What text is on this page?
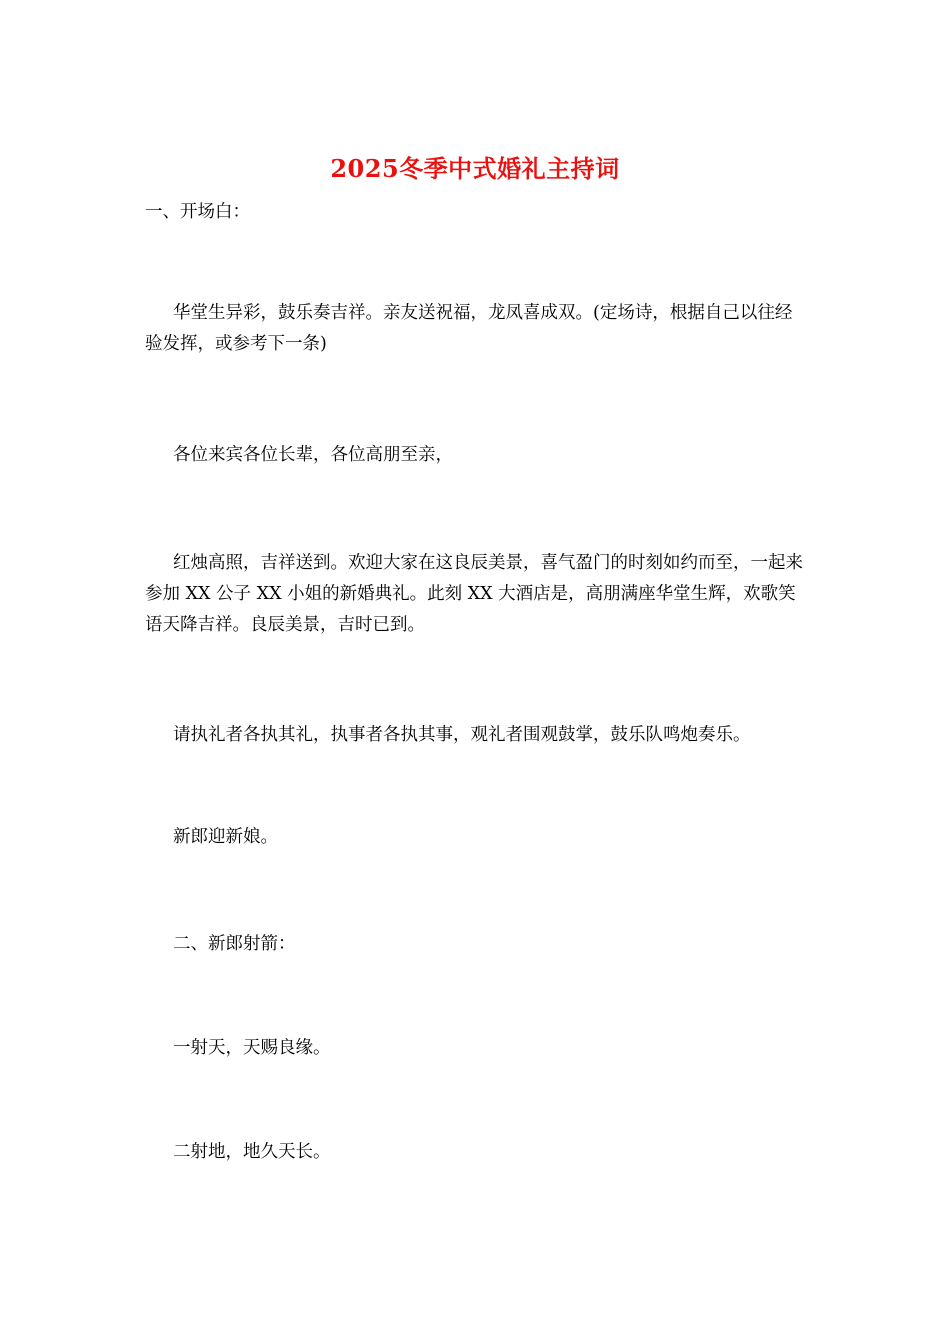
2025冬季中式婚礼主持词

一、开场白：

华堂生异彩，鼓乐奏吉祥。亲友送祝福，龙凤喜成双。(定场诗，根据自己以往经验发挥，或参考下一条)

各位来宾各位长辈，各位高朋至亲，

红烛高照，吉祥送到。欢迎大家在这良辰美景，喜气盈门的时刻如约而至，一起来参加 XX 公子 XX 小姐的新婚典礼。此刻 XX 大酒店是，高朋满座华堂生辉，欢歌笑语天降吉祥。良辰美景，吉时已到。

请执礼者各执其礼，执事者各执其事，观礼者围观鼓掌，鼓乐队鸣炮奏乐。

新郎迎新娘。

二、新郎射箭：

一射天，天赐良缘。

二射地，地久天长。
